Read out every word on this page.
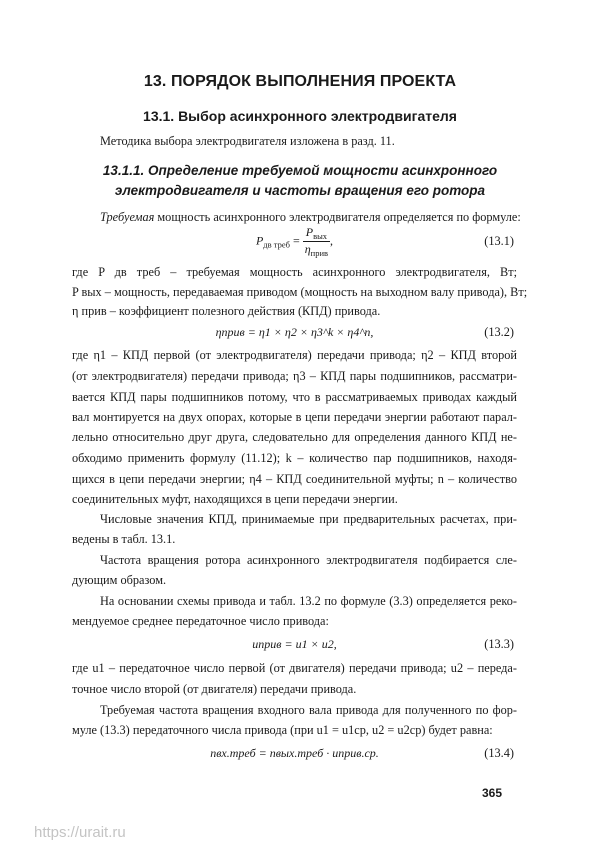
13. ПОРЯДОК ВЫПОЛНЕНИЯ ПРОЕКТА
13.1. Выбор асинхронного электродвигателя
Методика выбора электродвигателя изложена в разд. 11.
13.1.1. Определение требуемой мощности асинхронного
электродвигателя и частоты вращения его ротора
Требуемая мощность асинхронного электродвигателя определяется по формуле:
$P_{дв треб} = \frac{P_{вых}}{\eta_{прив}}$ ,	(13.1)
где P дв треб – требуемая мощность асинхронного электродвигателя, Вт;
P вых – мощность, передаваемая приводом (мощность на выходном валу привода), Вт;
η прив – коэффициент полезного действия (КПД) привода.
ηприв = η1 × η2 × η3^k × η4^n,	(13.2)
где η1 – КПД первой (от электродвигателя) передачи привода; η2 – КПД второй
(от электродвигателя) передачи привода; η3 – КПД пары подшипников, рассматри-
вается КПД пары подшипников потому, что в рассматриваемых приводах каждый
вал монтируется на двух опорах, которые в цепи передачи энергии работают парал-
лельно относительно друг друга, следовательно для определения данного КПД не-
обходимо применить формулу (11.12); k – количество пар подшипников, находя-
щихся в цепи передачи энергии; η4 – КПД соединительной муфты; n – количество
соединительных муфт, находящихся в цепи передачи энергии.
Числовые значения КПД, принимаемые при предварительных расчетах, при-
ведены в табл. 13.1.
Частота вращения ротора асинхронного электродвигателя подбирается сле-
дующим образом.
На основании схемы привода и табл. 13.2 по формуле (3.3) определяется реко-
мендуемое среднее передаточное число привода:
uприв = u1 × u2,	(13.3)
где u1 – передаточное число первой (от двигателя) передачи привода; u2 – переда-
точное число второй (от двигателя) передачи привода.
Требуемая частота вращения входного вала привода для полученного по фор-
муле (13.3) передаточного числа привода (при u1 = u1ср, u2 = u2ср) будет равна:
nвх.треб = nвых.треб · uприв.ср.	(13.4)
365
https://urait.ru
